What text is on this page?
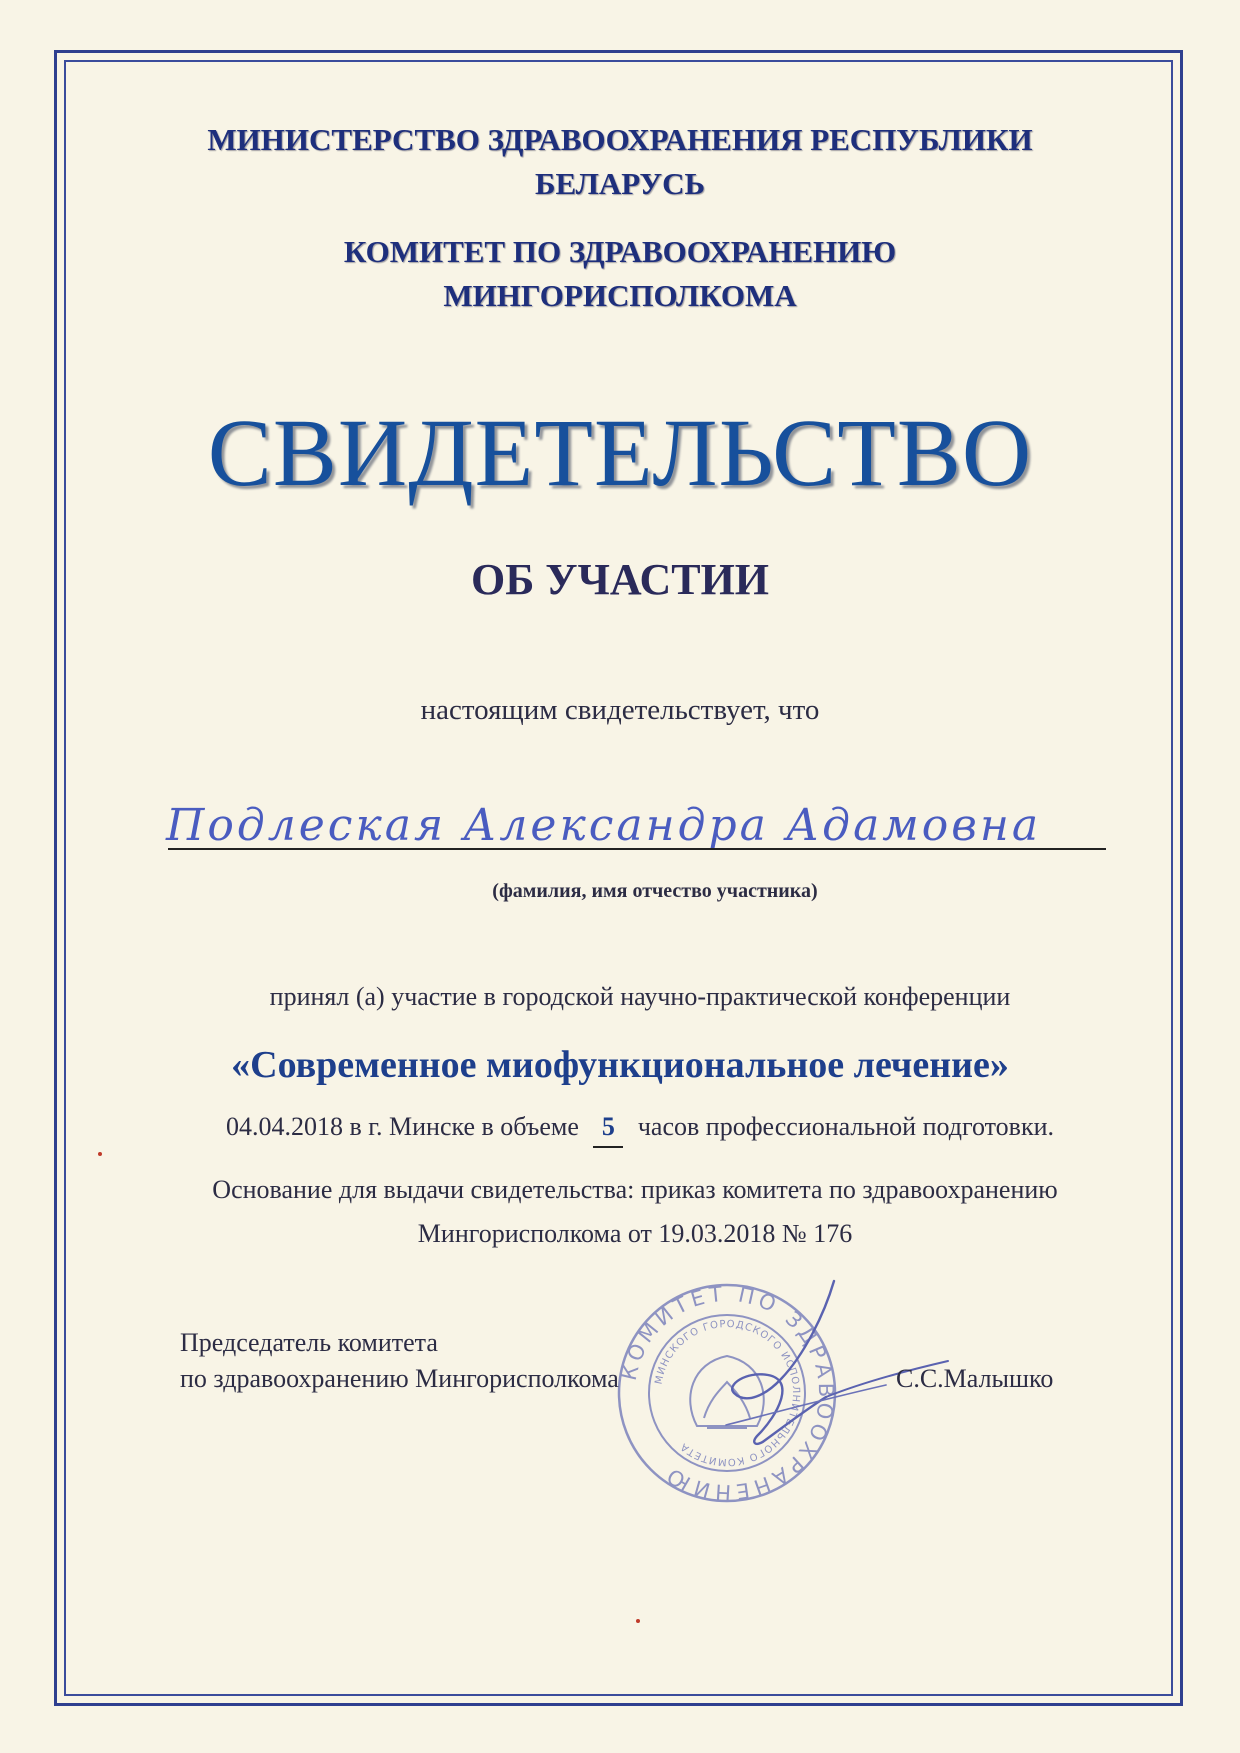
МИНИСТЕРСТВО ЗДРАВООХРАНЕНИЯ РЕСПУБЛИКИ
БЕЛАРУСЬ
КОМИТЕТ ПО ЗДРАВООХРАНЕНИЮ
МИНГОРИСПОЛКОМА
СВИДЕТЕЛЬСТВО
ОБ УЧАСТИИ
настоящим свидетельствует, что
Подлеская Александра Адамовна
(фамилия, имя отчество участника)
принял (а) участие в городской научно-практической конференции
«Современное миофункциональное лечение»
04.04.2018 в г. Минске в объеме 5 часов профессиональной подготовки.
Основание для выдачи свидетельства: приказ комитета по здравоохранению
Мингорисполкома от 19.03.2018 № 176
КОМИТЕТ ПО ЗДРАВООХРАНЕНИЮ
МИНСКОГО ГОРОДСКОГО ИСПОЛНИТЕЛЬНОГО КОМИТЕТА
Председатель комитета
по здравоохранению Мингорисполкома	С.С.Малышко
